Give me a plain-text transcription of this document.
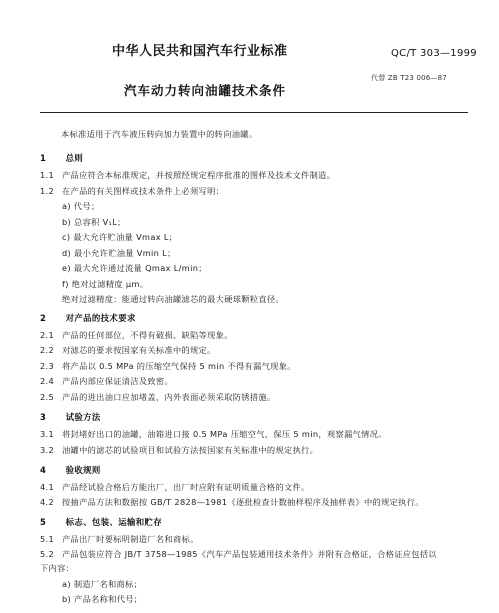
中华人民共和国汽车行业标准	QC/T 303—1999
汽车动力转向油罐技术条件
代替 ZB T23 006—87
本标准适用于汽车液压转向加力装置中的转向油罐。
1 总则
1.1 产品应符合本标准规定，并按照经规定程序批准的图样及技术文件制造。
1.2 在产品的有关图样或技术条件上必须写明：
a) 代号；
b) 总容积 V₁L；
c) 最大允许贮油量 Vmax L；
d) 最小允许贮油量 Vmin L；
e) 最大允许通过流量 Qmax L/min；
f) 绝对过滤精度 μm。
绝对过滤精度：能通过转向油罐滤芯的最大硬球颗粒直径。
2 对产品的技术要求
2.1 产品的任何部位，不得有破损、缺陷等现象。
2.2 对滤芯的要求按国家有关标准中的规定。
2.3 将产品以 0.5 MPa 的压缩空气保持 5 min 不得有漏气现象。
2.4 产品内部应保证清洁及致密。
2.5 产品的进出油口应加堵盖，内外表面必须采取防锈措施。
3 试验方法
3.1 将封堵好出口的油罐，油箱进口接 0.5 MPa 压缩空气，保压 5 min，观察漏气情况。
3.2 油罐中的滤芯的试验项目和试验方法按国家有关标准中的规定执行。
4 验收规则
4.1 产品经试验合格后方能出厂，出厂时应附有证明质量合格的文件。
4.2 按抽产品方法和数据按 GB/T 2828—1981《逐批检查计数抽样程序及抽样表》中的规定执行。
5 标志、包装、运输和贮存
5.1 产品出厂时要标明制造厂名和商标。
5.2 产品包装应符合 JB/T 3758—1985《汽车产品包装通用技术条件》并附有合格证，合格证应包括以
下内容：
a) 制造厂名和商标；
b) 产品名称和代号；
